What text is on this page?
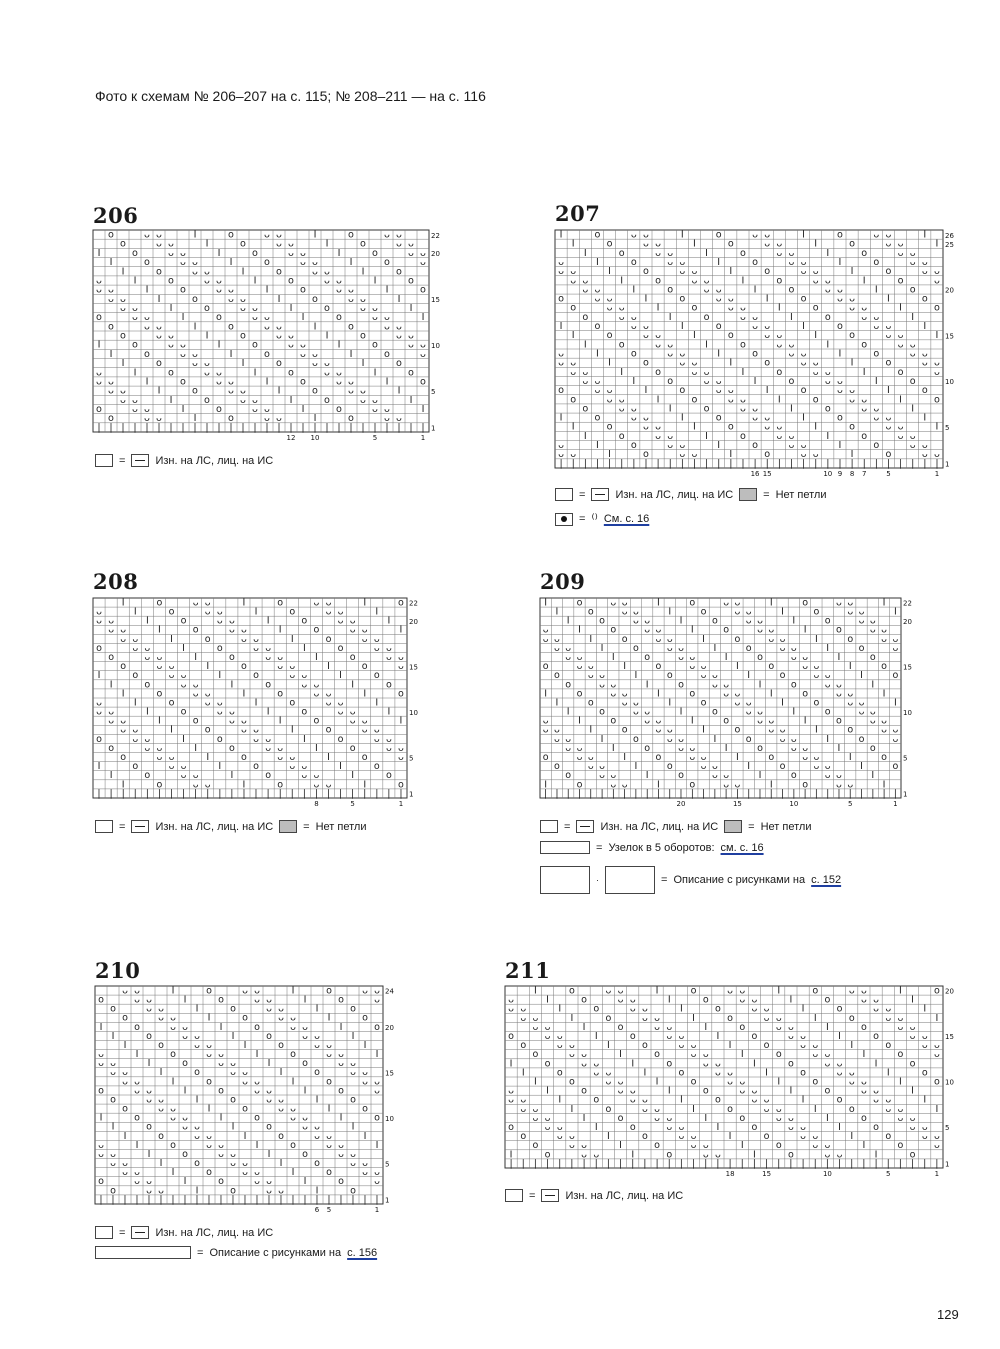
Фото к схемам № 206–207 на с. 115; № 208–211 — на с. 116
206
o	ᴗ ᴗ	Ⅰ	o	ᴗ ᴗ	Ⅰ	o	ᴗ ᴗ
o	ᴗ ᴗ	Ⅰ	o	ᴗ ᴗ	Ⅰ	o	ᴗ ᴗ
Ⅰ	o	ᴗ ᴗ	Ⅰ	o	ᴗ ᴗ	Ⅰ	o	ᴗ ᴗ
Ⅰ	o	ᴗ ᴗ	Ⅰ	o	ᴗ ᴗ	Ⅰ	o	ᴗ
Ⅰ	o	ᴗ ᴗ	Ⅰ	o	ᴗ ᴗ	Ⅰ	o
ᴗ	Ⅰ	o	ᴗ ᴗ	Ⅰ	o	ᴗ ᴗ	Ⅰ	o
ᴗ ᴗ	Ⅰ	o	ᴗ ᴗ	Ⅰ	o	ᴗ ᴗ	Ⅰ	o
ᴗ ᴗ	Ⅰ	o	ᴗ ᴗ	Ⅰ	o	ᴗ ᴗ	Ⅰ
ᴗ ᴗ	Ⅰ	o	ᴗ ᴗ	Ⅰ	o	ᴗ ᴗ	Ⅰ
o	ᴗ ᴗ	Ⅰ	o	ᴗ ᴗ	Ⅰ	o	ᴗ ᴗ	Ⅰ
o	ᴗ ᴗ	Ⅰ	o	ᴗ ᴗ	Ⅰ	o	ᴗ ᴗ
o	ᴗ ᴗ	Ⅰ	o	ᴗ ᴗ	Ⅰ	o	ᴗ ᴗ
Ⅰ	o	ᴗ ᴗ	Ⅰ	o	ᴗ ᴗ	Ⅰ	o	ᴗ ᴗ
Ⅰ	o	ᴗ ᴗ	Ⅰ	o	ᴗ ᴗ	Ⅰ	o	ᴗ
Ⅰ	o	ᴗ ᴗ	Ⅰ	o	ᴗ ᴗ	Ⅰ	o
ᴗ	Ⅰ	o	ᴗ ᴗ	Ⅰ	o	ᴗ ᴗ	Ⅰ	o
ᴗ ᴗ	Ⅰ	o	ᴗ ᴗ	Ⅰ	o	ᴗ ᴗ	Ⅰ	o
ᴗ ᴗ	Ⅰ	o	ᴗ ᴗ	Ⅰ	o	ᴗ ᴗ	Ⅰ
ᴗ ᴗ	Ⅰ	o	ᴗ ᴗ	Ⅰ	o	ᴗ ᴗ	Ⅰ
o	ᴗ ᴗ	Ⅰ	o	ᴗ ᴗ	Ⅰ	o	ᴗ ᴗ	Ⅰ
o	ᴗ ᴗ	Ⅰ	o	ᴗ ᴗ	Ⅰ	o	ᴗ ᴗ
| | | | | | | | | | | | | | | | | | | | | | | | | | | | 1
5
10
15
20
22
12 10	5	1
=	Изн. на ЛС, лиц. на ИС
207
Ⅰ	o	ᴗ ᴗ	Ⅰ	o	ᴗ ᴗ	Ⅰ	o	ᴗ ᴗ	Ⅰ
Ⅰ	o	ᴗ ᴗ	Ⅰ	o	ᴗ ᴗ	Ⅰ	o	ᴗ ᴗ	Ⅰ
Ⅰ	o	ᴗ ᴗ	Ⅰ	o	ᴗ ᴗ	Ⅰ	o	ᴗ ᴗ
ᴗ	Ⅰ	o	ᴗ ᴗ	Ⅰ	o	ᴗ ᴗ	Ⅰ	o	ᴗ ᴗ
ᴗ ᴗ	Ⅰ	o	ᴗ ᴗ	Ⅰ	o	ᴗ ᴗ	Ⅰ	o	ᴗ ᴗ
ᴗ ᴗ	Ⅰ	o	ᴗ ᴗ	Ⅰ	o	ᴗ ᴗ	Ⅰ	o	ᴗ
ᴗ ᴗ	Ⅰ	o	ᴗ ᴗ	Ⅰ	o	ᴗ ᴗ	Ⅰ	o
o	ᴗ ᴗ	Ⅰ	o	ᴗ ᴗ	Ⅰ	o	ᴗ ᴗ	Ⅰ	o
o	ᴗ ᴗ	Ⅰ	o	ᴗ ᴗ	Ⅰ	o	ᴗ ᴗ	Ⅰ	o
o	ᴗ ᴗ	Ⅰ	o	ᴗ ᴗ	Ⅰ	o	ᴗ ᴗ	Ⅰ
Ⅰ	o	ᴗ ᴗ	Ⅰ	o	ᴗ ᴗ	Ⅰ	o	ᴗ ᴗ	Ⅰ
Ⅰ	o	ᴗ ᴗ	Ⅰ	o	ᴗ ᴗ	Ⅰ	o	ᴗ ᴗ	Ⅰ
Ⅰ	o	ᴗ ᴗ	Ⅰ	o	ᴗ ᴗ	Ⅰ	o	ᴗ ᴗ
ᴗ	Ⅰ	o	ᴗ ᴗ	Ⅰ	o	ᴗ ᴗ	Ⅰ	o	ᴗ ᴗ
ᴗ ᴗ	Ⅰ	o	ᴗ ᴗ	Ⅰ	o	ᴗ ᴗ	Ⅰ	o	ᴗ ᴗ
ᴗ ᴗ	Ⅰ	o	ᴗ ᴗ	Ⅰ	o	ᴗ ᴗ	Ⅰ	o	ᴗ
ᴗ ᴗ	Ⅰ	o	ᴗ ᴗ	Ⅰ	o	ᴗ ᴗ	Ⅰ	o
o	ᴗ ᴗ	Ⅰ	o	ᴗ ᴗ	Ⅰ	o	ᴗ ᴗ	Ⅰ	o
o	ᴗ ᴗ	Ⅰ	o	ᴗ ᴗ	Ⅰ	o	ᴗ ᴗ	Ⅰ	o
o	ᴗ ᴗ	Ⅰ	o	ᴗ ᴗ	Ⅰ	o	ᴗ ᴗ	Ⅰ
Ⅰ	o	ᴗ ᴗ	Ⅰ	o	ᴗ ᴗ	Ⅰ	o	ᴗ ᴗ	Ⅰ
Ⅰ	o	ᴗ ᴗ	Ⅰ	o	ᴗ ᴗ	Ⅰ	o	ᴗ ᴗ	Ⅰ
Ⅰ	o	ᴗ ᴗ	Ⅰ	o	ᴗ ᴗ	Ⅰ	o	ᴗ ᴗ
ᴗ	Ⅰ	o	ᴗ ᴗ	Ⅰ	o	ᴗ ᴗ	Ⅰ	o	ᴗ ᴗ
ᴗ ᴗ	Ⅰ	o	ᴗ ᴗ	Ⅰ	o	ᴗ ᴗ	Ⅰ	o	ᴗ ᴗ
| | | | | | | | | | | | | | | | | | | | | | | | | | | | | | | | 1
5
10
15
20
25
26
16 15	10 9 8 7	5	1
=	Изн. на ЛС, лиц. на ИС	= Нет петли
= ⁽⁾ См. с. 16
208
Ⅰ	o	ᴗ ᴗ	Ⅰ	o	ᴗ ᴗ	Ⅰ	o
ᴗ	Ⅰ	o	ᴗ ᴗ	Ⅰ	o	ᴗ ᴗ	Ⅰ
ᴗ ᴗ	Ⅰ	o	ᴗ ᴗ	Ⅰ	o	ᴗ ᴗ	Ⅰ
ᴗ ᴗ	Ⅰ	o	ᴗ ᴗ	Ⅰ	o	ᴗ ᴗ	Ⅰ
ᴗ ᴗ	Ⅰ	o	ᴗ ᴗ	Ⅰ	o	ᴗ ᴗ
o	ᴗ ᴗ	Ⅰ	o	ᴗ ᴗ	Ⅰ	o	ᴗ ᴗ
o	ᴗ ᴗ	Ⅰ	o	ᴗ ᴗ	Ⅰ	o	ᴗ ᴗ
o	ᴗ ᴗ	Ⅰ	o	ᴗ ᴗ	Ⅰ	o	ᴗ
Ⅰ	o	ᴗ ᴗ	Ⅰ	o	ᴗ ᴗ	Ⅰ	o
Ⅰ	o	ᴗ ᴗ	Ⅰ	o	ᴗ ᴗ	Ⅰ	o
Ⅰ	o	ᴗ ᴗ	Ⅰ	o	ᴗ ᴗ	Ⅰ	o
ᴗ	Ⅰ	o	ᴗ ᴗ	Ⅰ	o	ᴗ ᴗ	Ⅰ
ᴗ ᴗ	Ⅰ	o	ᴗ ᴗ	Ⅰ	o	ᴗ ᴗ	Ⅰ
ᴗ ᴗ	Ⅰ	o	ᴗ ᴗ	Ⅰ	o	ᴗ ᴗ	Ⅰ
ᴗ ᴗ	Ⅰ	o	ᴗ ᴗ	Ⅰ	o	ᴗ ᴗ
o	ᴗ ᴗ	Ⅰ	o	ᴗ ᴗ	Ⅰ	o	ᴗ ᴗ
o	ᴗ ᴗ	Ⅰ	o	ᴗ ᴗ	Ⅰ	o	ᴗ ᴗ
o	ᴗ ᴗ	Ⅰ	o	ᴗ ᴗ	Ⅰ	o	ᴗ
Ⅰ	o	ᴗ ᴗ	Ⅰ	o	ᴗ ᴗ	Ⅰ	o
Ⅰ	o	ᴗ ᴗ	Ⅰ	o	ᴗ ᴗ	Ⅰ	o
Ⅰ	o	ᴗ ᴗ	Ⅰ	o	ᴗ ᴗ	Ⅰ	o
| | | | | | | | | | | | | | | | | | | | | | | | | | 1
5
10
15
20
22
8	5	1
=	Изн. на ЛС, лиц. на ИС	= Нет петли
209
Ⅰ	o	ᴗ ᴗ	Ⅰ	o	ᴗ ᴗ	Ⅰ	o	ᴗ ᴗ	Ⅰ
Ⅰ	o	ᴗ ᴗ	Ⅰ	o	ᴗ ᴗ	Ⅰ	o	ᴗ ᴗ	Ⅰ
Ⅰ	o	ᴗ ᴗ	Ⅰ	o	ᴗ ᴗ	Ⅰ	o	ᴗ ᴗ
ᴗ	Ⅰ	o	ᴗ ᴗ	Ⅰ	o	ᴗ ᴗ	Ⅰ	o	ᴗ ᴗ
ᴗ ᴗ	Ⅰ	o	ᴗ ᴗ	Ⅰ	o	ᴗ ᴗ	Ⅰ	o	ᴗ ᴗ
ᴗ ᴗ	Ⅰ	o	ᴗ ᴗ	Ⅰ	o	ᴗ ᴗ	Ⅰ	o	ᴗ
ᴗ ᴗ	Ⅰ	o	ᴗ ᴗ	Ⅰ	o	ᴗ ᴗ	Ⅰ	o
o	ᴗ ᴗ	Ⅰ	o	ᴗ ᴗ	Ⅰ	o	ᴗ ᴗ	Ⅰ	o
o	ᴗ ᴗ	Ⅰ	o	ᴗ ᴗ	Ⅰ	o	ᴗ ᴗ	Ⅰ	o
o	ᴗ ᴗ	Ⅰ	o	ᴗ ᴗ	Ⅰ	o	ᴗ ᴗ	Ⅰ
Ⅰ	o	ᴗ ᴗ	Ⅰ	o	ᴗ ᴗ	Ⅰ	o	ᴗ ᴗ	Ⅰ
Ⅰ	o	ᴗ ᴗ	Ⅰ	o	ᴗ ᴗ	Ⅰ	o	ᴗ ᴗ	Ⅰ
Ⅰ	o	ᴗ ᴗ	Ⅰ	o	ᴗ ᴗ	Ⅰ	o	ᴗ ᴗ
ᴗ	Ⅰ	o	ᴗ ᴗ	Ⅰ	o	ᴗ ᴗ	Ⅰ	o	ᴗ ᴗ
ᴗ ᴗ	Ⅰ	o	ᴗ ᴗ	Ⅰ	o	ᴗ ᴗ	Ⅰ	o	ᴗ ᴗ
ᴗ ᴗ	Ⅰ	o	ᴗ ᴗ	Ⅰ	o	ᴗ ᴗ	Ⅰ	o	ᴗ
ᴗ ᴗ	Ⅰ	o	ᴗ ᴗ	Ⅰ	o	ᴗ ᴗ	Ⅰ	o
o	ᴗ ᴗ	Ⅰ	o	ᴗ ᴗ	Ⅰ	o	ᴗ ᴗ	Ⅰ	o
o	ᴗ ᴗ	Ⅰ	o	ᴗ ᴗ	Ⅰ	o	ᴗ ᴗ	Ⅰ	o
o	ᴗ ᴗ	Ⅰ	o	ᴗ ᴗ	Ⅰ	o	ᴗ ᴗ	Ⅰ
Ⅰ	o	ᴗ ᴗ	Ⅰ	o	ᴗ ᴗ	Ⅰ	o	ᴗ ᴗ	Ⅰ
| | | | | | | | | | | | | | | | | | | | | | | | | | | | | | | | 1
5
10
15
20
22
20	15	10	5	1
=	Изн. на ЛС, лиц. на ИС	= Нет петли
= Узелок в 5 оборотов: см. с. 16
·	= Описание с рисунками на с. 152
210
ᴗ ᴗ	Ⅰ	o	ᴗ ᴗ	Ⅰ	o	ᴗ ᴗ
o	ᴗ ᴗ	Ⅰ	o	ᴗ ᴗ	Ⅰ	o	ᴗ
o	ᴗ ᴗ	Ⅰ	o	ᴗ ᴗ	Ⅰ	o
o	ᴗ ᴗ	Ⅰ	o	ᴗ ᴗ	Ⅰ	o
Ⅰ	o	ᴗ ᴗ	Ⅰ	o	ᴗ ᴗ	Ⅰ	o
Ⅰ	o	ᴗ ᴗ	Ⅰ	o	ᴗ ᴗ	Ⅰ
Ⅰ	o	ᴗ ᴗ	Ⅰ	o	ᴗ ᴗ	Ⅰ
ᴗ	Ⅰ	o	ᴗ ᴗ	Ⅰ	o	ᴗ ᴗ	Ⅰ
ᴗ ᴗ	Ⅰ	o	ᴗ ᴗ	Ⅰ	o	ᴗ ᴗ
ᴗ ᴗ	Ⅰ	o	ᴗ ᴗ	Ⅰ	o	ᴗ ᴗ
ᴗ ᴗ	Ⅰ	o	ᴗ ᴗ	Ⅰ	o	ᴗ ᴗ
o	ᴗ ᴗ	Ⅰ	o	ᴗ ᴗ	Ⅰ	o	ᴗ
o	ᴗ ᴗ	Ⅰ	o	ᴗ ᴗ	Ⅰ	o
o	ᴗ ᴗ	Ⅰ	o	ᴗ ᴗ	Ⅰ	o
Ⅰ	o	ᴗ ᴗ	Ⅰ	o	ᴗ ᴗ	Ⅰ	o
Ⅰ	o	ᴗ ᴗ	Ⅰ	o	ᴗ ᴗ	Ⅰ
Ⅰ	o	ᴗ ᴗ	Ⅰ	o	ᴗ ᴗ	Ⅰ
ᴗ	Ⅰ	o	ᴗ ᴗ	Ⅰ	o	ᴗ ᴗ	Ⅰ
ᴗ ᴗ	Ⅰ	o	ᴗ ᴗ	Ⅰ	o	ᴗ ᴗ
ᴗ ᴗ	Ⅰ	o	ᴗ ᴗ	Ⅰ	o	ᴗ ᴗ
ᴗ ᴗ	Ⅰ	o	ᴗ ᴗ	Ⅰ	o	ᴗ ᴗ
o	ᴗ ᴗ	Ⅰ	o	ᴗ ᴗ	Ⅰ	o	ᴗ
o	ᴗ ᴗ	Ⅰ	o	ᴗ ᴗ	Ⅰ	o
| | | | | | | | | | | | | | | | | | | | | | | | 1
5
10
15
20
24
6 5	1
=	Изн. на ЛС, лиц. на ИС
= Описание с рисунками на с. 156
211
Ⅰ	o	ᴗ ᴗ	Ⅰ	o	ᴗ ᴗ	Ⅰ	o	ᴗ ᴗ	Ⅰ	o
ᴗ	Ⅰ	o	ᴗ ᴗ	Ⅰ	o	ᴗ ᴗ	Ⅰ	o	ᴗ ᴗ	Ⅰ
ᴗ ᴗ	Ⅰ	o	ᴗ ᴗ	Ⅰ	o	ᴗ ᴗ	Ⅰ	o	ᴗ ᴗ	Ⅰ
ᴗ ᴗ	Ⅰ	o	ᴗ ᴗ	Ⅰ	o	ᴗ ᴗ	Ⅰ	o	ᴗ ᴗ	Ⅰ
ᴗ ᴗ	Ⅰ	o	ᴗ ᴗ	Ⅰ	o	ᴗ ᴗ	Ⅰ	o	ᴗ ᴗ
o	ᴗ ᴗ	Ⅰ	o	ᴗ ᴗ	Ⅰ	o	ᴗ ᴗ	Ⅰ	o	ᴗ ᴗ
o	ᴗ ᴗ	Ⅰ	o	ᴗ ᴗ	Ⅰ	o	ᴗ ᴗ	Ⅰ	o	ᴗ ᴗ
o	ᴗ ᴗ	Ⅰ	o	ᴗ ᴗ	Ⅰ	o	ᴗ ᴗ	Ⅰ	o	ᴗ
Ⅰ	o	ᴗ ᴗ	Ⅰ	o	ᴗ ᴗ	Ⅰ	o	ᴗ ᴗ	Ⅰ	o
Ⅰ	o	ᴗ ᴗ	Ⅰ	o	ᴗ ᴗ	Ⅰ	o	ᴗ ᴗ	Ⅰ	o
Ⅰ	o	ᴗ ᴗ	Ⅰ	o	ᴗ ᴗ	Ⅰ	o	ᴗ ᴗ	Ⅰ	o
ᴗ	Ⅰ	o	ᴗ ᴗ	Ⅰ	o	ᴗ ᴗ	Ⅰ	o	ᴗ ᴗ	Ⅰ
ᴗ ᴗ	Ⅰ	o	ᴗ ᴗ	Ⅰ	o	ᴗ ᴗ	Ⅰ	o	ᴗ ᴗ	Ⅰ
ᴗ ᴗ	Ⅰ	o	ᴗ ᴗ	Ⅰ	o	ᴗ ᴗ	Ⅰ	o	ᴗ ᴗ	Ⅰ
ᴗ ᴗ	Ⅰ	o	ᴗ ᴗ	Ⅰ	o	ᴗ ᴗ	Ⅰ	o	ᴗ ᴗ
o	ᴗ ᴗ	Ⅰ	o	ᴗ ᴗ	Ⅰ	o	ᴗ ᴗ	Ⅰ	o	ᴗ ᴗ
o	ᴗ ᴗ	Ⅰ	o	ᴗ ᴗ	Ⅰ	o	ᴗ ᴗ	Ⅰ	o	ᴗ ᴗ
o	ᴗ ᴗ	Ⅰ	o	ᴗ ᴗ	Ⅰ	o	ᴗ ᴗ	Ⅰ	o	ᴗ
Ⅰ	o	ᴗ ᴗ	Ⅰ	o	ᴗ ᴗ	Ⅰ	o	ᴗ ᴗ	Ⅰ	o
| | | | | | | | | | | | | | | | | | | | | | | | | | | | | | | | | | | | 1
5
10
15
20
18	15	10	5	1
=	Изн. на ЛС, лиц. на ИС
129
